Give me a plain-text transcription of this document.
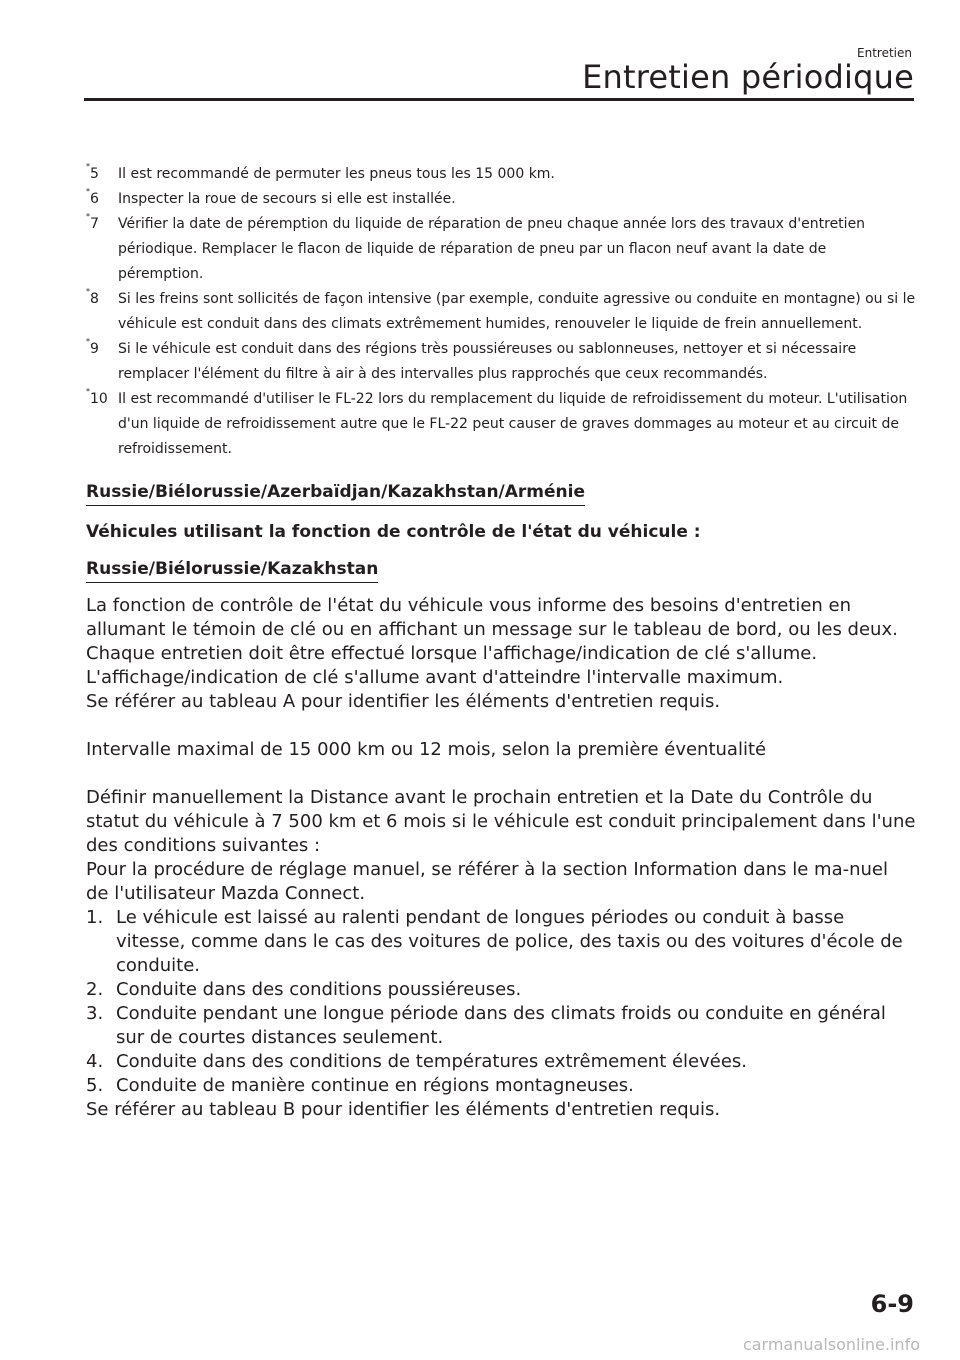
Entretien
Entretien périodique
*5 Il est recommandé de permuter les pneus tous les 15 000 km.
*6 Inspecter la roue de secours si elle est installée.
*7 Vérifier la date de péremption du liquide de réparation de pneu chaque année lors des travaux d'entretien périodique. Remplacer le flacon de liquide de réparation de pneu par un flacon neuf avant la date de péremption.
*8 Si les freins sont sollicités de façon intensive (par exemple, conduite agressive ou conduite en montagne) ou si le véhicule est conduit dans des climats extrêmement humides, renouveler le liquide de frein annuellement.
*9 Si le véhicule est conduit dans des régions très poussiéreuses ou sablonneuses, nettoyer et si nécessaire remplacer l'élément du filtre à air à des intervalles plus rapprochés que ceux recommandés.
*10 Il est recommandé d'utiliser le FL-22 lors du remplacement du liquide de refroidissement du moteur. L'utilisation d'un liquide de refroidissement autre que le FL-22 peut causer de graves dommages au moteur et au circuit de refroidissement.
Russie/Biélorussie/Azerbaïdjan/Kazakhstan/Arménie
Véhicules utilisant la fonction de contrôle de l'état du véhicule :
Russie/Biélorussie/Kazakhstan

La fonction de contrôle de l'état du véhicule vous informe des besoins d'entretien en allumant le témoin de clé ou en affichant un message sur le tableau de bord, ou les deux.

Chaque entretien doit être effectué lorsque l'affichage/indication de clé s'allume.

L'affichage/indication de clé s'allume avant d'atteindre l'intervalle maximum.

Se référer au tableau A pour identifier les éléments d'entretien requis.

Intervalle maximal de 15 000 km ou 12 mois, selon la première éventualité

Définir manuellement la Distance avant le prochain entretien et la Date du Contrôle du statut du véhicule à 7 500 km et 6 mois si le véhicule est conduit principalement dans l'une des conditions suivantes :

Pour la procédure de réglage manuel, se référer à la section Information dans le ma-nuel de l'utilisateur Mazda Connect.

1. Le véhicule est laissé au ralenti pendant de longues périodes ou conduit à basse vitesse, comme dans le cas des voitures de police, des taxis ou des voitures d'école de conduite.
2. Conduite dans des conditions poussiéreuses.
3. Conduite pendant une longue période dans des climats froids ou conduite en général sur de courtes distances seulement.
4. Conduite dans des conditions de températures extrêmement élevées.
5. Conduite de manière continue en régions montagneuses.

Se référer au tableau B pour identifier les éléments d'entretien requis.

6-9
carmanualsonline.info
